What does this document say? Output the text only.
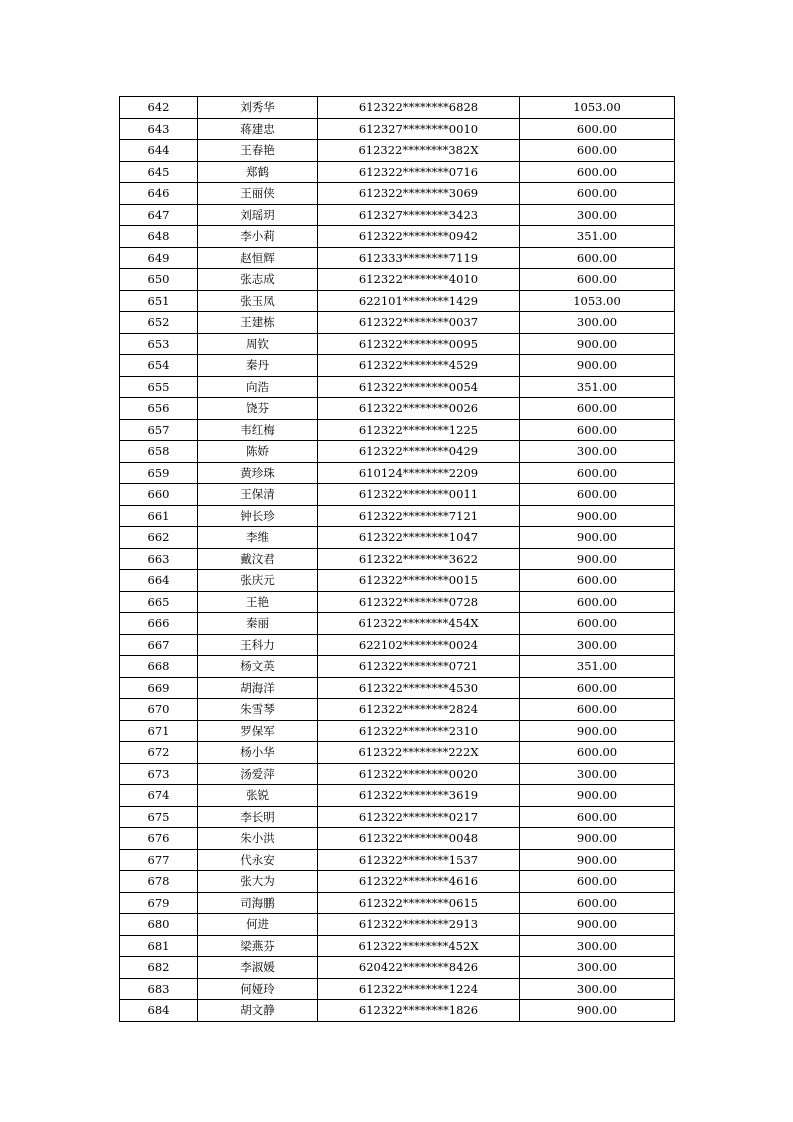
642	刘秀华	612322********6828	1053.00
643	蒋建忠	612327********0010	600.00
644	王春艳	612322********382X	600.00
645	郑鹤	612322********0716	600.00
646	王丽侠	612322********3069	600.00
647	刘瑶玥	612327********3423	300.00
648	李小莉	612322********0942	351.00
649	赵恒辉	612333********7119	600.00
650	张志成	612322********4010	600.00
651	张玉凤	622101********1429	1053.00
652	王建栋	612322********0037	300.00
653	周钦	612322********0095	900.00
654	秦丹	612322********4529	900.00
655	向浩	612322********0054	351.00
656	饶芬	612322********0026	600.00
657	韦红梅	612322********1225	600.00
658	陈娇	612322********0429	300.00
659	黄珍珠	610124********2209	600.00
660	王保清	612322********0011	600.00
661	钟长珍	612322********7121	900.00
662	李维	612322********1047	900.00
663	戴汶君	612322********3622	900.00
664	张庆元	612322********0015	600.00
665	王艳	612322********0728	600.00
666	秦丽	612322********454X	600.00
667	王科力	622102********0024	300.00
668	杨文英	612322********0721	351.00
669	胡海洋	612322********4530	600.00
670	朱雪琴	612322********2824	600.00
671	罗保军	612322********2310	900.00
672	杨小华	612322********222X	600.00
673	汤爱萍	612322********0020	300.00
674	张锐	612322********3619	900.00
675	李长明	612322********0217	600.00
676	朱小洪	612322********0048	900.00
677	代永安	612322********1537	900.00
678	张大为	612322********4616	600.00
679	司海鹏	612322********0615	600.00
680	何进	612322********2913	900.00
681	梁燕芬	612322********452X	300.00
682	李淑媛	620422********8426	300.00
683	何娅玲	612322********1224	300.00
684	胡文静	612322********1826	900.00
